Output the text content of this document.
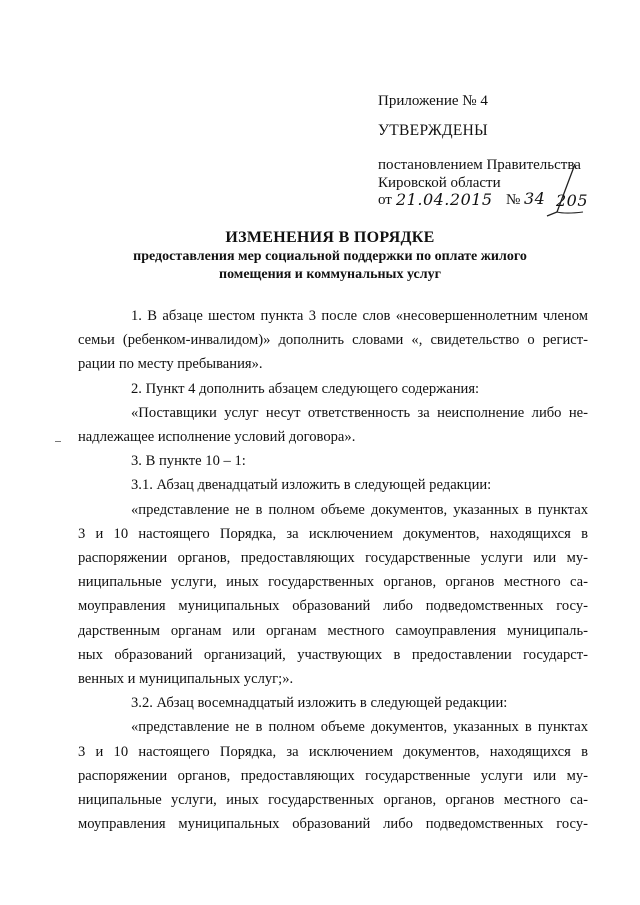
Приложение № 4
УТВЕРЖДЕНЫ
постановлением Правительства
Кировской области
от 21.04.2015 № 34 205
ИЗМЕНЕНИЯ В ПОРЯДКЕ
предоставления мер социальной поддержки по оплате жилого
помещения и коммунальных услуг
1. В абзаце шестом пункта 3 после слов «несовершеннолетним членом
семьи (ребенком-инвалидом)» дополнить словами «, свидетельство о регист-
рации по месту пребывания».
2. Пункт 4 дополнить абзацем следующего содержания:
«Поставщики услуг несут ответственность за неисполнение либо не-
надлежащее исполнение условий договора».
3. В пункте 10 – 1:
3.1. Абзац двенадцатый изложить в следующей редакции:
«представление не в полном объеме документов, указанных в пунктах
3 и 10 настоящего Порядка, за исключением документов, находящихся в
распоряжении органов, предоставляющих государственные услуги или му-
ниципальные услуги, иных государственных органов, органов местного са-
моуправления муниципальных образований либо подведомственных госу-
дарственным органам или органам местного самоуправления муниципаль-
ных образований организаций, участвующих в предоставлении государст-
венных и муниципальных услуг;».
3.2. Абзац восемнадцатый изложить в следующей редакции:
«представление не в полном объеме документов, указанных в пунктах
3 и 10 настоящего Порядка, за исключением документов, находящихся в
распоряжении органов, предоставляющих государственные услуги или му-
ниципальные услуги, иных государственных органов, органов местного са-
моуправления муниципальных образований либо подведомственных госу-
